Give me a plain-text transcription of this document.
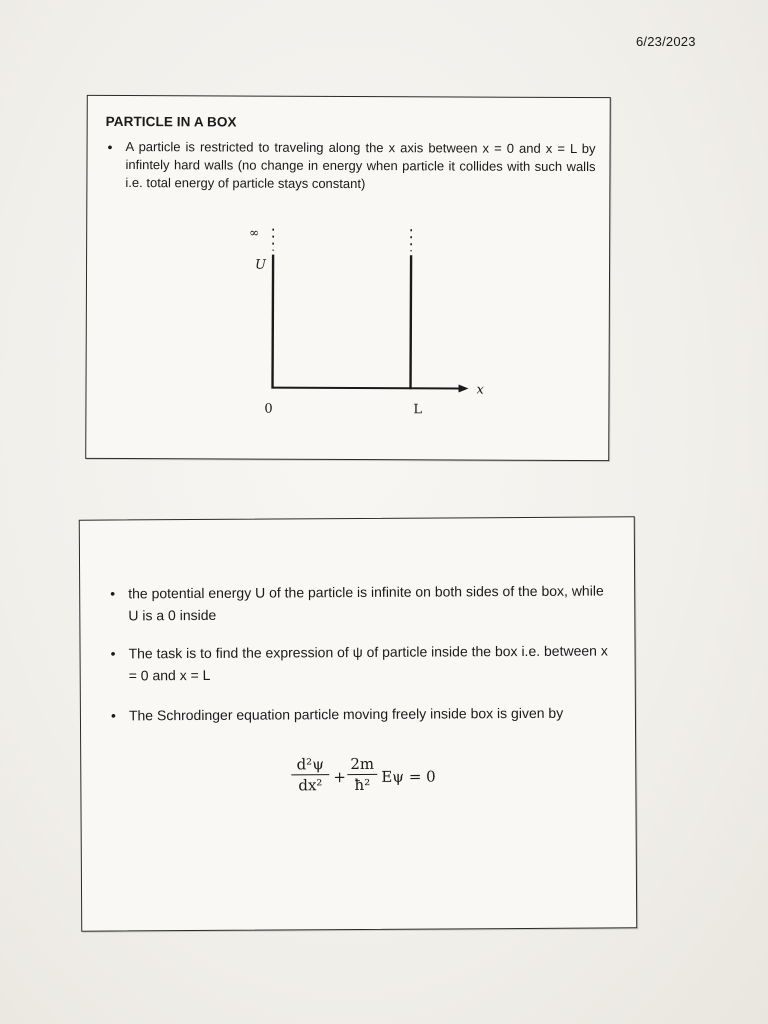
6/23/2023
PARTICLE IN A BOX
• A particle is restricted to traveling along the x axis between x = 0 and x = L by infintely hard walls (no change in energy when particle it collides with such walls i.e. total energy of particle stays constant)
∞
U
x
0	L
• the potential energy U of the particle is infinite on both sides of the box, while U is a 0 inside
• The task is to find the expression of ψ of particle inside the box i.e. between x = 0 and x = L
• The Schrodinger equation particle moving freely inside box is given by
d²ψ
dx² +
2m
ħ² Eψ = 0
